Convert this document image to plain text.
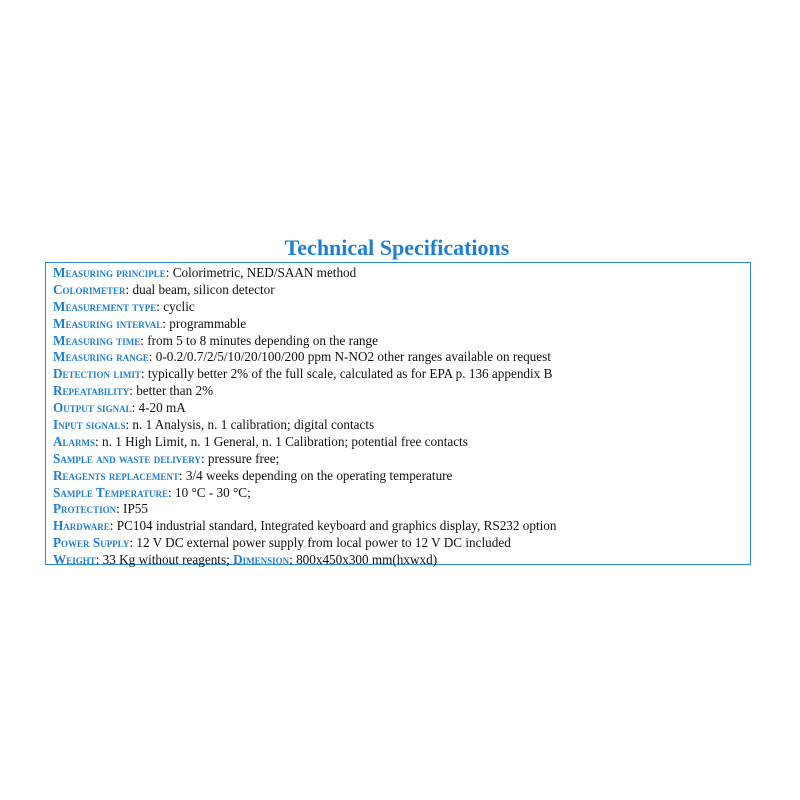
Technical Specifications
Measuring principle: Colorimetric, NED/SAAN method
Colorimeter: dual beam, silicon detector
Measurement type: cyclic
Measuring interval: programmable
Measuring time: from 5 to 8 minutes depending on the range
Measuring range: 0-0.2/0.7/2/5/10/20/100/200 ppm N-NO2 other ranges available on request
Detection limit: typically better 2% of the full scale, calculated as for EPA p. 136 appendix B
Repeatability: better than 2%
Output signal: 4-20 mA
Input signals: n. 1 Analysis, n. 1 calibration; digital contacts
Alarms: n. 1 High Limit, n. 1 General, n. 1 Calibration; potential free contacts
Sample and waste delivery: pressure free;
Reagents replacement: 3/4 weeks depending on the operating temperature
Sample Temperature: 10 °C - 30 °C;
Protection: IP55
Hardware: PC104 industrial standard, Integrated keyboard and graphics display, RS232 option
Power Supply: 12 V DC external power supply from local power to 12 V DC included
Weight: 33 Kg without reagents; Dimension: 800x450x300 mm(hxwxd)
